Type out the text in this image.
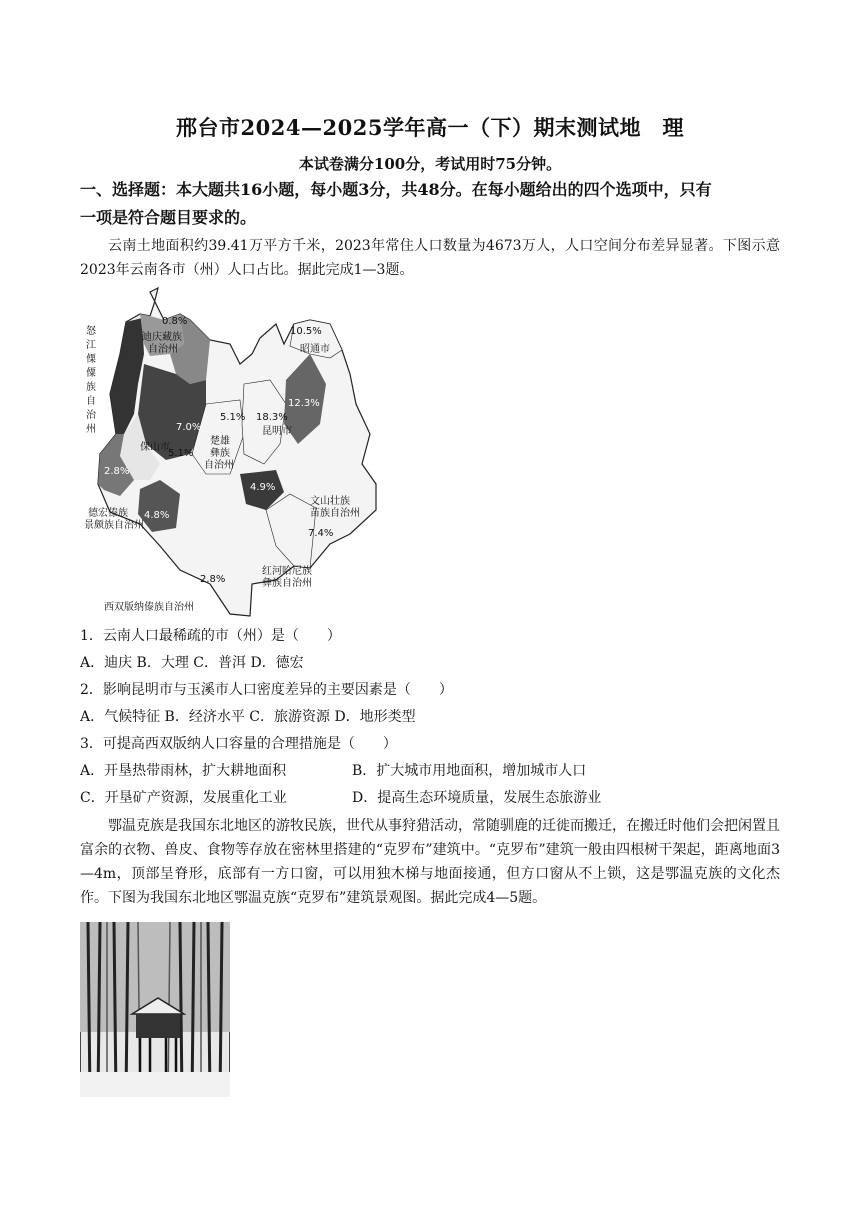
邢台市2024—2025学年高一（下）期末测试地　理
本试卷满分100分，考试用时75分钟。
一、选择题：本大题共16小题，每小题3分，共48分。在每小题给出的四个选项中，只有
一项是符合题目要求的。
云南土地面积约39.41万平方千米，2023年常住人口数量为4673万人，人口空间分布差异显著。下图示意2023年云南各市（州）人口占比。据此完成1—3题。
0.8%
迪庆藏族
自治州
10.5%
昭通市
12.3%
18.3%
5.1%
5.1%
2.8%
7.0%
4.8%
4.9%
7.4%
2.8%
文山壮族
苗族自治州
红河哈尼族
彝族自治州
德宏傣族
景颇族自治州
西双版纳傣族自治州
楚雄
彝族
自治州
昆明市
保山市
怒
江
傈
僳
族
自
治
州
1．云南人口最稀疏的市（州）是（　　）
A．迪庆 B．大理 C．普洱 D．德宏
2．影响昆明市与玉溪市人口密度差异的主要因素是（　　）
A．气候特征 B．经济水平 C．旅游资源 D．地形类型
3．可提高西双版纳人口容量的合理措施是（　　）
A．开垦热带雨林，扩大耕地面积	B．扩大城市用地面积，增加城市人口
C．开垦矿产资源，发展重化工业	D．提高生态环境质量，发展生态旅游业
鄂温克族是我国东北地区的游牧民族，世代从事狩猎活动，常随驯鹿的迁徙而搬迁，在搬迁时他们会把闲置且富余的衣物、兽皮、食物等存放在密林里搭建的“克罗布”建筑中。“克罗布”建筑一般由四根树干架起，距离地面3—4m，顶部呈脊形，底部有一方口窗，可以用独木梯与地面接通，但方口窗从不上锁，这是鄂温克族的文化杰作。下图为我国东北地区鄂温克族“克罗布”建筑景观图。据此完成4—5题。
